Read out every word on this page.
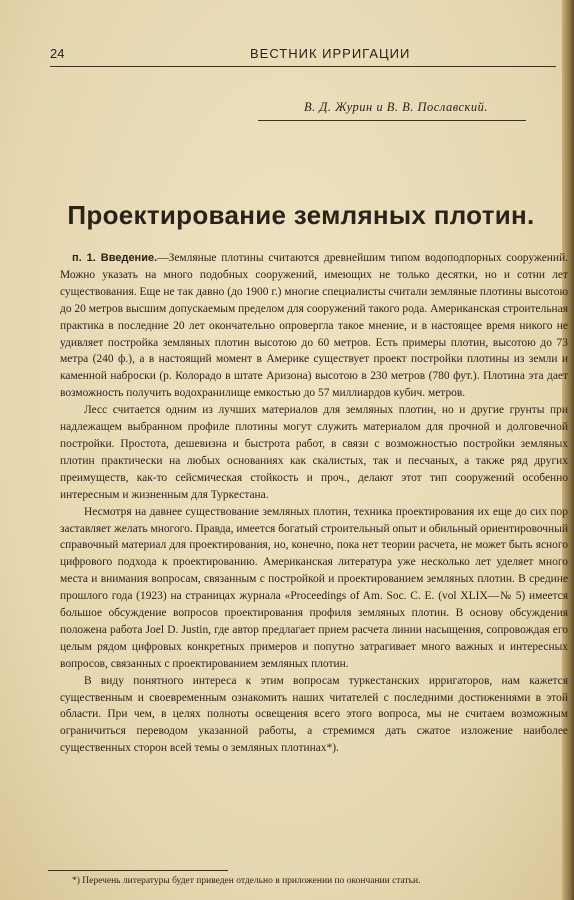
24	ВЕСТНИК ИРРИГАЦИИ
В. Д. Журин и В. В. Пославский.
Проектирование земляных плотин.

п. 1. Введение.—Земляные плотины считаются древнейшим типом водоподпорных сооружений. Можно указать на много подобных сооружений, имеющих не только десятки, но и сотни лет существования. Еще не так давно (до 1900 г.) многие специалисты считали земляные плотины высотою до 20 метров высшим допускаемым пределом для сооружений такого рода. Американская строительная практика в последние 20 лет окончательно опровергла такое мнение, и в настоящее время никого не удивляет постройка земляных плотин высотою до 60 метров. Есть примеры плотин, высотою до 73 метра (240 ф.), а в настоящий момент в Америке существует проект постройки плотины из земли и каменной наброски (р. Колорадо в штате Аризона) высотою в 230 метров (780 фут.). Плотина эта дает возможность получить водохранилище емкостью до 57 миллиардов кубич. метров.

Лесс считается одним из лучших материалов для земляных плотин, но и другие грунты при надлежащем выбранном профиле плотины могут служить материалом для прочной и долговечной постройки. Простота, дешевизна и быстрота работ, в связи с возможностью постройки земляных плотин практически на любых основаниях как скалистых, так и песчаных, а также ряд других преимуществ, как-то сейсмическая стойкость и проч., делают этот тип сооружений особенно интересным и жизненным для Туркестана.

Несмотря на давнее существование земляных плотин, техника проектирования их еще до сих пор заставляет желать многого. Правда, имеется богатый строительный опыт и обильный ориентировочный справочный материал для проектирования, но, конечно, пока нет теории расчета, не может быть ясного цифрового подхода к проектированию. Американская литература уже несколько лет уделяет много места и внимания вопросам, связанным с постройкой и проектированием земляных плотин. В средине прошлого года (1923) на страницах журнала «Proceedings of Am. Soc. C. E. (vol XLIX—№ 5) имеется большое обсуждение вопросов проектирования профиля земляных плотин. В основу обсуждения положена работа Joel D. Justin, где автор предлагает прием расчета линии насыщения, сопровождая его целым рядом цифровых конкретных примеров и попутно затрагивает много важных и интересных вопросов, связанных с проектированием земляных плотин.

В виду понятного интереса к этим вопросам туркестанских ирригаторов, нам кажется существенным и своевременным ознакомить наших читателей с последними достижениями в этой области. При чем, в целях полноты освещения всего этого вопроса, мы не считаем возможным ограничиться переводом указанной работы, а стремимся дать сжатое изложение наиболее существенных сторон всей темы о земляных плотинах*).

*) Перечень литературы будет приведен отдельно в приложении по окончании статьи.
